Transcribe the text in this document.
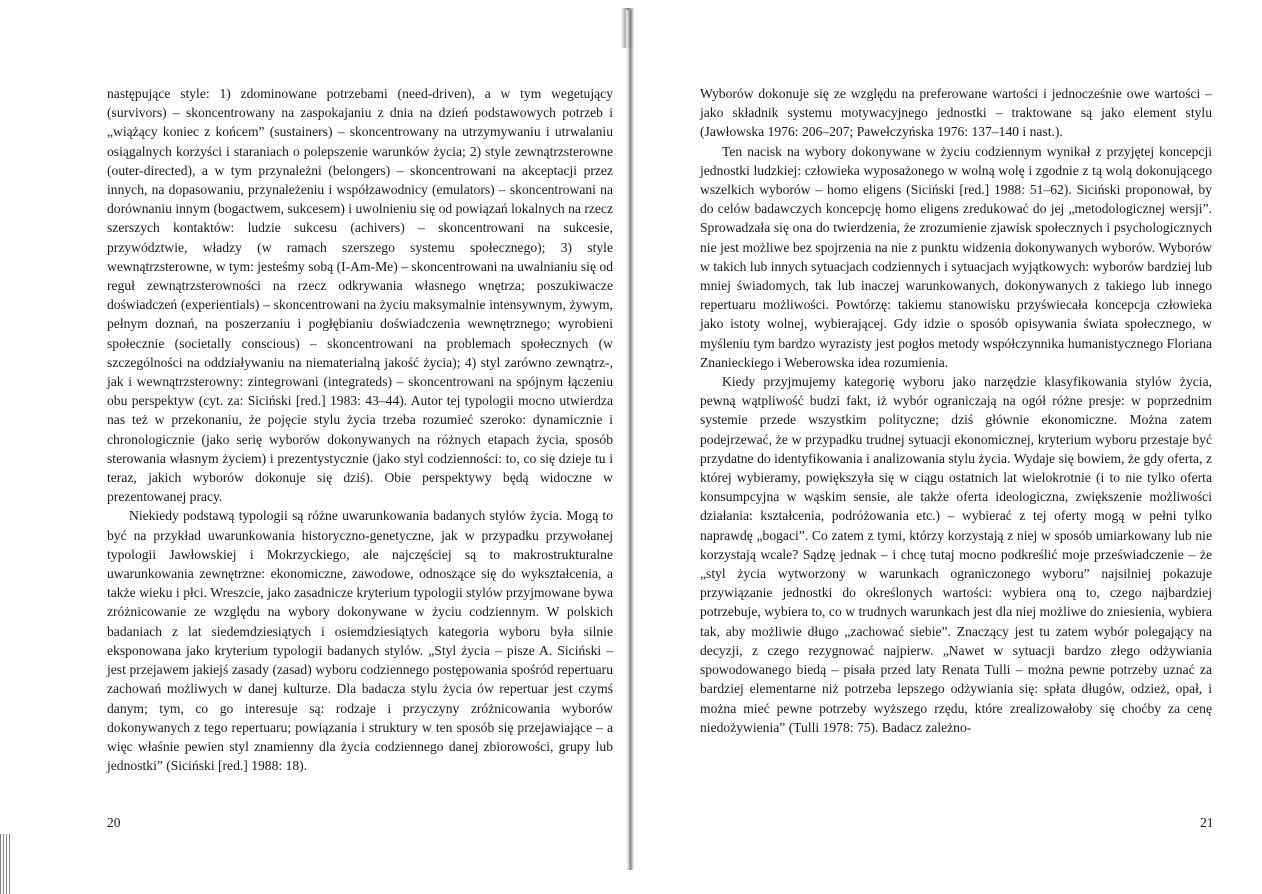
następujące style: 1) zdominowane potrzebami (need-driven), a w tym wegetujący (survivors) – skoncentrowany na zaspokajaniu z dnia na dzień podstawowych potrzeb i „wiążący koniec z końcem” (sustainers) – skoncentrowany na utrzymywaniu i utrwalaniu osiągalnych korzyści i staraniach o polepszenie warunków życia; 2) style zewnątrzsterowne (outer-directed), a w tym przynależni (belongers) – skoncentrowani na akceptacji przez innych, na dopasowaniu, przynależeniu i współzawodnicy (emulators) – skoncentrowani na dorównaniu innym (bogactwem, sukcesem) i uwolnieniu się od powiązań lokalnych na rzecz szerszych kontaktów: ludzie sukcesu (achivers) – skoncentrowani na sukcesie, przywództwie, władzy (w ramach szerszego systemu społecznego); 3) style wewnątrzsterowne, w tym: jesteśmy sobą (I-Am-Me) – skoncentrowani na uwalnianiu się od reguł zewnątrzsterowności na rzecz odkrywania własnego wnętrza; poszukiwacze doświadczeń (experientials) – skoncentrowani na życiu maksymalnie intensywnym, żywym, pełnym doznań, na poszerzaniu i pogłębianiu doświadczenia wewnętrznego; wyrobieni społecznie (societally conscious) – skoncentrowani na problemach społecznych (w szczególności na oddziaływaniu na niematerialną jakość życia); 4) styl zarówno zewnątrz-, jak i wewnątrzsterowny: zintegrowani (integrateds) – skoncentrowani na spójnym łączeniu obu perspektyw (cyt. za: Siciński [red.] 1983: 43–44). Autor tej typologii mocno utwierdza nas też w przekonaniu, że pojęcie stylu życia trzeba rozumieć szeroko: dynamicznie i chronologicznie (jako serię wyborów dokonywanych na różnych etapach życia, sposób sterowania własnym życiem) i prezentystycznie (jako styl codzienności: to, co się dzieje tu i teraz, jakich wyborów dokonuje się dziś). Obie perspektywy będą widoczne w prezentowanej pracy.

Niekiedy podstawą typologii są różne uwarunkowania badanych stylów życia. Mogą to być na przykład uwarunkowania historyczno-genetyczne, jak w przypadku przywołanej typologii Jawłowskiej i Mokrzyckiego, ale najczęściej są to makrostrukturalne uwarunkowania zewnętrzne: ekonomiczne, zawodowe, odnoszące się do wykształcenia, a także wieku i płci. Wreszcie, jako zasadnicze kryterium typologii stylów przyjmowane bywa zróżnicowanie ze względu na wybory dokonywane w życiu codziennym. W polskich badaniach z lat siedemdziesiątych i osiemdziesiątych kategoria wyboru była silnie eksponowana jako kryterium typologii badanych stylów. „Styl życia – pisze A. Siciński – jest przejawem jakiejś zasady (zasad) wyboru codziennego postępowania spośród repertuaru zachowań możliwych w danej kulturze. Dla badacza stylu życia ów repertuar jest czymś danym; tym, co go interesuje są: rodzaje i przyczyny zróżnicowania wyborów dokonywanych z tego repertuaru; powiązania i struktury w ten sposób się przejawiające – a więc właśnie pewien styl znamienny dla życia codziennego danej zbiorowości, grupy lub jednostki” (Siciński [red.] 1988: 18).

20

Wyborów dokonuje się ze względu na preferowane wartości i jednocześnie owe wartości – jako składnik systemu motywacyjnego jednostki – traktowane są jako element stylu (Jawłowska 1976: 206–207; Pawełczyńska 1976: 137–140 i nast.).

Ten nacisk na wybory dokonywane w życiu codziennym wynikał z przyjętej koncepcji jednostki ludzkiej: człowieka wyposażonego w wolną wolę i zgodnie z tą wolą dokonującego wszelkich wyborów – homo eligens (Siciński [red.] 1988: 51–62). Siciński proponował, by do celów badawczych koncepcję homo eligens zredukować do jej „metodologicznej wersji”. Sprowadzała się ona do twierdzenia, że zrozumienie zjawisk społecznych i psychologicznych nie jest możliwe bez spojrzenia na nie z punktu widzenia dokonywanych wyborów. Wyborów w takich lub innych sytuacjach codziennych i sytuacjach wyjątkowych: wyborów bardziej lub mniej świadomych, tak lub inaczej warunkowanych, dokonywanych z takiego lub innego repertuaru możliwości. Powtórzę: takiemu stanowisku przyświecała koncepcja człowieka jako istoty wolnej, wybierającej. Gdy idzie o sposób opisywania świata społecznego, w myśleniu tym bardzo wyrazisty jest pogłos metody współczynnika humanistycznego Floriana Znanieckiego i Weberowska idea rozumienia.

Kiedy przyjmujemy kategorię wyboru jako narzędzie klasyfikowania stylów życia, pewną wątpliwość budzi fakt, iż wybór ograniczają na ogół różne presje: w poprzednim systemie przede wszystkim polityczne; dziś głównie ekonomiczne. Można zatem podejrzewać, że w przypadku trudnej sytuacji ekonomicznej, kryterium wyboru przestaje być przydatne do identyfikowania i analizowania stylu życia. Wydaje się bowiem, że gdy oferta, z której wybieramy, powiększyła się w ciągu ostatnich lat wielokrotnie (i to nie tylko oferta konsumpcyjna w wąskim sensie, ale także oferta ideologiczna, zwiększenie możliwości działania: kształcenia, podróżowania etc.) – wybierać z tej oferty mogą w pełni tylko naprawdę „bogaci”. Co zatem z tymi, którzy korzystają z niej w sposób umiarkowany lub nie korzystają wcale? Sądzę jednak – i chcę tutaj mocno podkreślić moje przeświadczenie – że „styl życia wytworzony w warunkach ograniczonego wyboru” najsilniej pokazuje przywiązanie jednostki do określonych wartości: wybiera oną to, czego najbardziej potrzebuje, wybiera to, co w trudnych warunkach jest dla niej możliwe do zniesienia, wybiera tak, aby możliwie długo „zachować siebie”. Znaczący jest tu zatem wybór polegający na decyzji, z czego rezygnować najpierw. „Nawet w sytuacji bardzo złego odżywiania spowodowanego biedą – pisała przed laty Renata Tulli – można pewne potrzeby uznać za bardziej elementarne niż potrzeba lepszego odżywiania się: spłata długów, odzież, opał, i można mieć pewne potrzeby wyższego rzędu, które zrealizowałoby się choćby za cenę niedożywienia” (Tulli 1978: 75). Badacz zależno-

21
